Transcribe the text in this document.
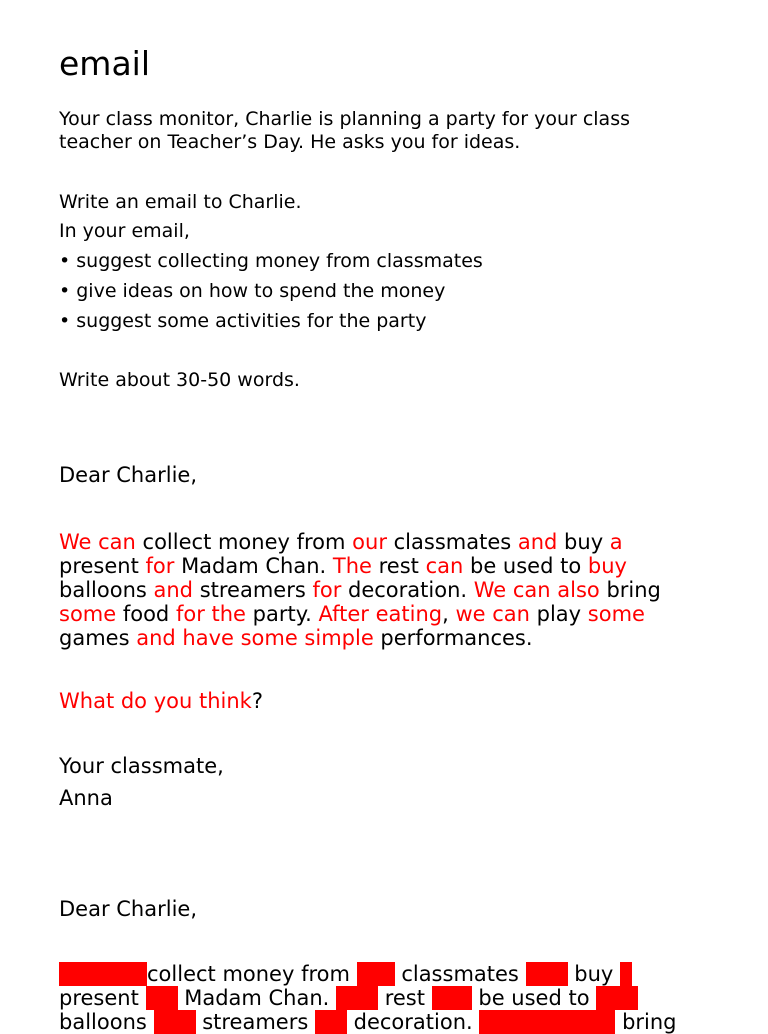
email
Your class monitor, Charlie is planning a party for your class
teacher on Teacher’s Day. He asks you for ideas.
Write an email to Charlie.
In your email,
• suggest collecting money from classmates
• give ideas on how to spend the money
• suggest some activities for the party
Write about 30-50 words.
Dear Charlie,
We can collect money from our classmates and buy a
present for Madam Chan. The rest can be used to buy
balloons and streamers for decoration. We can also bring
some food for the party. After eating, we can play some
games and have some simple performances.
What do you think?
Your classmate,
Anna
Dear Charlie,
collect money from  classmates  buy
present  Madam Chan.  rest  be used to
balloons  streamers  decoration.	bring
